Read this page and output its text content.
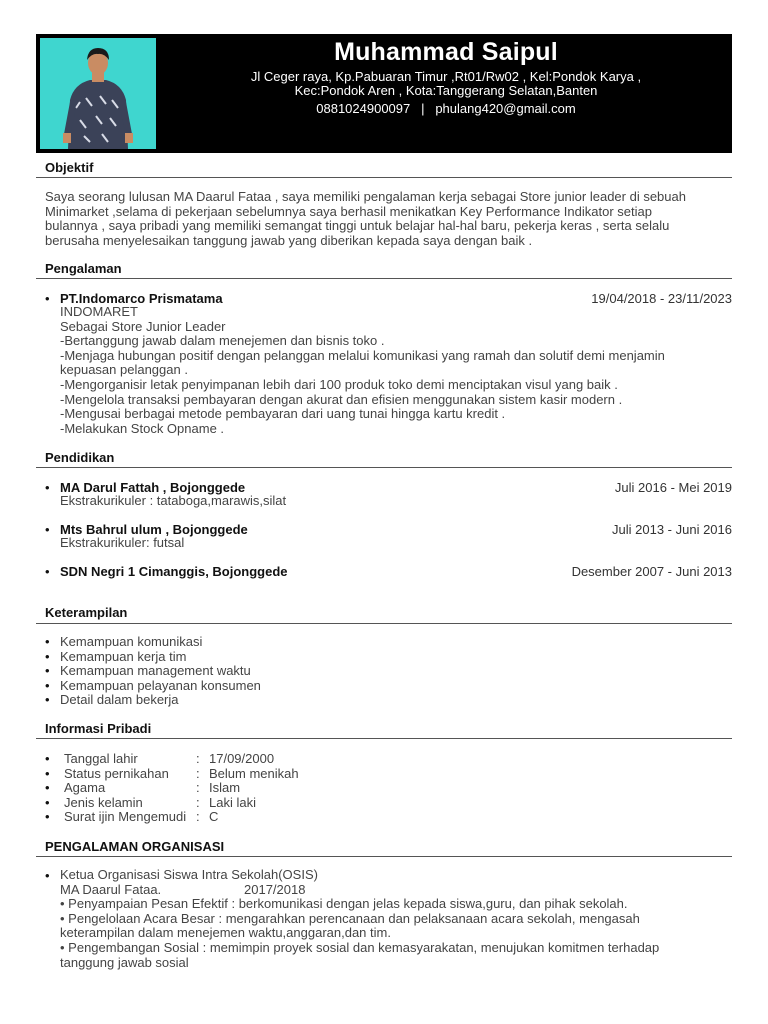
Muhammad Saipul
Jl Ceger raya, Kp.Pabuaran Timur ,Rt01/Rw02 , Kel:Pondok Karya ,
Kec:Pondok Aren , Kota:Tanggerang Selatan,Banten
0881024900097 | phulang420@gmail.com
Objektif
Saya seorang lulusan MA Daarul Fataa , saya memiliki pengalaman kerja sebagai Store junior leader di sebuah
Minimarket ,selama di pekerjaan sebelumnya saya berhasil menikatkan Key Performance Indikator setiap
bulannya , saya pribadi yang memiliki semangat tinggi untuk belajar hal-hal baru, pekerja keras , serta selalu
berusaha menyelesaikan tanggung jawab yang diberikan kepada saya dengan baik .
Pengalaman
• PT.Indomarco Prismatama	19/04/2018 - 23/11/2023
INDOMARET
Sebagai Store Junior Leader
-Bertanggung jawab dalam menejemen dan bisnis toko .
-Menjaga hubungan positif dengan pelanggan melalui komunikasi yang ramah dan solutif demi menjamin
kepuasan pelanggan .
-Mengorganisir letak penyimpanan lebih dari 100 produk toko demi menciptakan visul yang baik .
-Mengelola transaksi pembayaran dengan akurat dan efisien menggunakan sistem kasir modern .
-Mengusai berbagai metode pembayaran dari uang tunai hingga kartu kredit .
-Melakukan Stock Opname .
Pendidikan
• MA Darul Fattah , Bojonggede	Juli 2016 - Mei 2019
Ekstrakurikuler : tataboga,marawis,silat
• Mts Bahrul ulum , Bojonggede	Juli 2013 - Juni 2016
Ekstrakurikuler: futsal
• SDN Negri 1 Cimanggis, Bojonggede	Desember 2007 - Juni 2013
Keterampilan
• Kemampuan komunikasi
• Kemampuan kerja tim
• Kemampuan management waktu
• Kemampuan pelayanan konsumen
• Detail dalam bekerja
Informasi Pribadi
• Tanggal lahir	: 17/09/2000
• Status pernikahan : Belum menikah
• Agama	: Islam
• Jenis kelamin	: Laki laki
• Surat ijin Mengemudi : C
PENGALAMAN ORGANISASI
• Ketua Organisasi Siswa Intra Sekolah(OSIS)
MA Daarul Fataa.	2017/2018
• Penyampaian Pesan Efektif : berkomunikasi dengan jelas kepada siswa,guru, dan pihak sekolah.
• Pengelolaan Acara Besar : mengarahkan perencanaan dan pelaksanaan acara sekolah, mengasah
keterampilan dalam menejemen waktu,anggaran,dan tim.
• Pengembangan Sosial : memimpin proyek sosial dan kemasyarakatan, menujukan komitmen terhadap
tanggung jawab sosial
